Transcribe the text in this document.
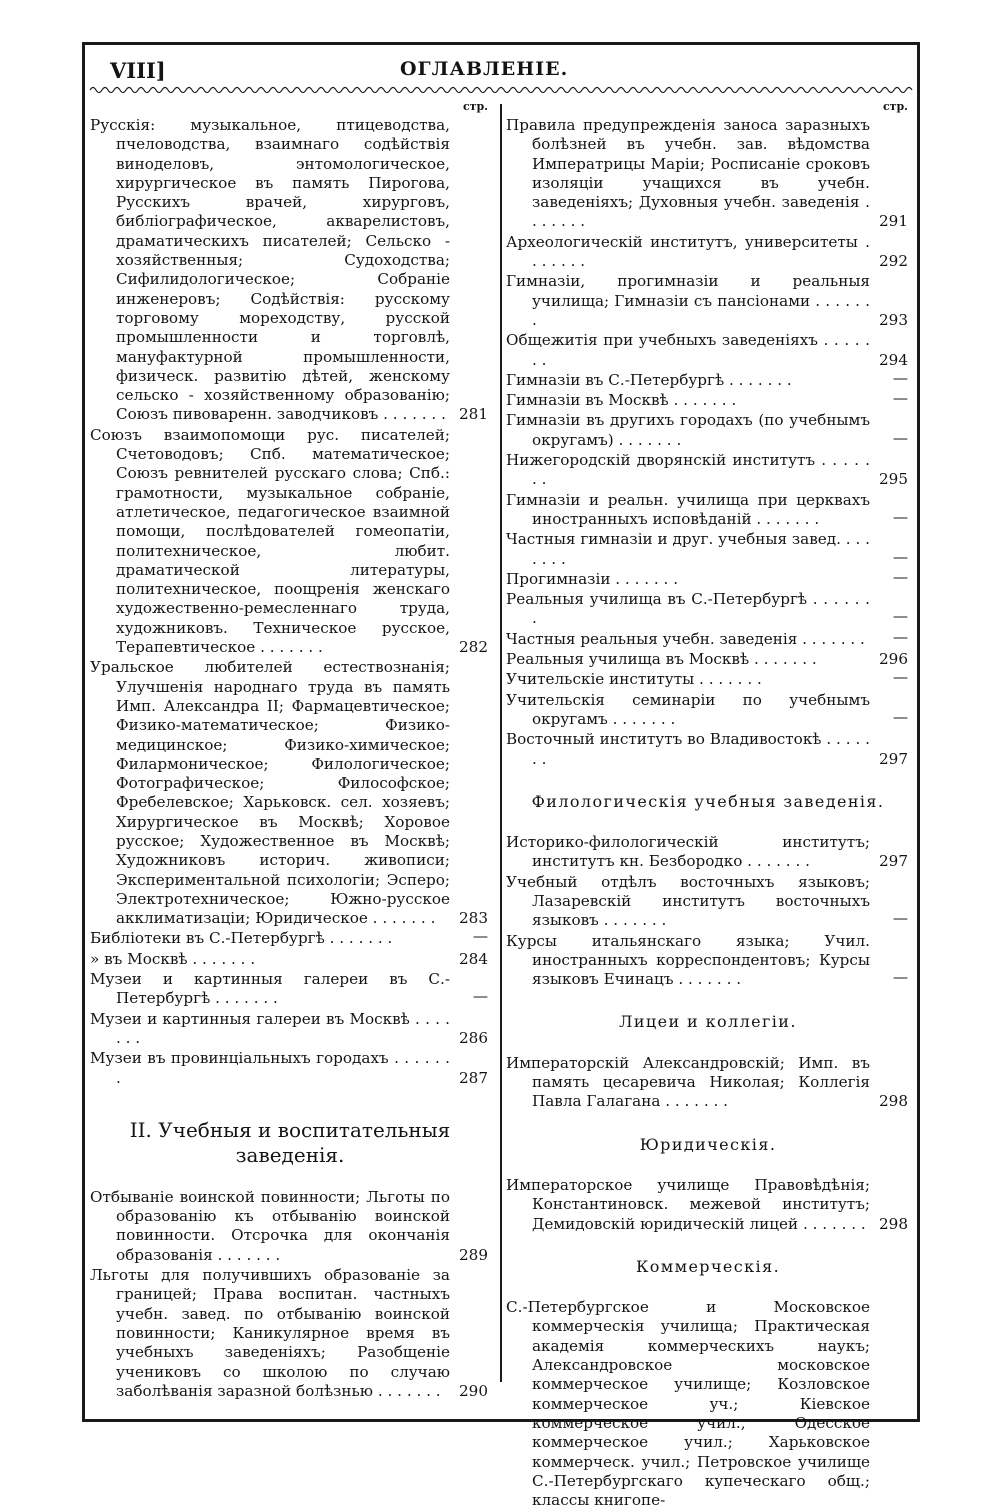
VIII]	ОГЛАВЛЕНІЕ.
стр.
Русскія: музыкальное, птицеводства, пчеловодства, взаимнаго содѣйствія виноделовъ, энтомологическое, хирургическое въ память Пирогова, Русскихъ врачей, хирурговъ, библіографическое, акварелистовъ, драматическихъ писателей; Сельско - хозяйственныя; Судоходства; Сифилидологическое; Собраніе инженеровъ; Содѣйствія: русскому торговому мореходству, русской промышленности и торговлѣ, мануфактурной промышленности, физическ. развитію дѣтей, женскому сельско - хозяйственному образованію; Союзъ пивоваренн. заводчиковъ . . . . . . . 281
Союзъ взаимопомощи рус. писателей; Счетоводовъ; Спб. математическое; Союзъ ревнителей русскаго слова; Спб.: грамотности, музыкальное собраніе, атлетическое, педагогическое взаимной помощи, послѣдователей гомеопатіи, политехническое, любит. драматической литературы, политехническое, поощренія женскаго художественно-ремесленнаго труда, художниковъ. Техническое русское, Терапевтическое . . . . . . .	282
Уральское любителей естествознанія; Улучшенія народнаго труда въ память Имп. Александра II; Фармацевтическое; Физико-математическое; Физико-медицинское; Физико-химическое; Филармоническое; Филологическое; Фотографическое; Философское; Фребелевское; Харьковск. сел. хозяевъ; Хирургическое въ Москвѣ; Хоровое русское; Художественное въ Москвѣ; Художниковъ историч. живописи; Экспериментальной психологіи; Эсперо; Электротехническое; Южно-русское акклиматизаціи; Юридическое . . . . . . .	283
Библіотеки въ С.-Петербургѣ . . . . . . .	—
» въ Москвѣ . . . . . . .	284
Музеи и картинныя галереи въ С.-Петербургѣ . . . . . . .	—
Музеи и картинныя галереи въ Москвѣ . . . . . . .	286
Музеи въ провинціальныхъ городахъ . . . . . . .	287
II. Учебныя и воспитательныя заведенія.
Отбываніе воинской повинности; Льготы по образованію къ отбыванію воинской повинности. Отсрочка для окончанія образованія . . . . . . .	289
Льготы для получившихъ образованіе за границей; Права воспитан. частныхъ учебн. завед. по отбыванію воинской повинности; Каникулярное время въ учебныхъ заведеніяхъ; Разобщеніе учениковъ со школою по случаю заболѣванія заразной болѣзнью . . . . . . .	290
стр.
Правила предупрежденія заноса заразныхъ болѣзней въ учебн. зав. вѣдомства Императрицы Маріи; Росписаніе сроковъ изоляціи учащихся въ учебн. заведеніяхъ; Духовныя учебн. заведенія . . . . . . .	291
Археологическій институтъ, университеты . . . . . . .	292
Гимназіи, прогимназіи и реальныя училища; Гимназіи съ пансіонами . . . . . . .	293
Общежитія при учебныхъ заведеніяхъ . . . . . . .	294
Гимназіи въ С.-Петербургѣ . . . . . . .	—
Гимназіи въ Москвѣ . . . . . . .	—
Гимназіи въ другихъ городахъ (по учебнымъ округамъ) . . . . . . .	—
Нижегородскій дворянскій институтъ . . . . . . .	295
Гимназіи и реальн. училища при церквахъ иностранныхъ исповѣданій . . . . . . .	—
Частныя гимназіи и друг. учебныя завед. . . . . . . .	—
Прогимназіи . . . . . . .	—
Реальныя училища въ С.-Петербургѣ . . . . . . .	—
Частныя реальныя учебн. заведенія . . . . . . .	—
Реальныя училища въ Москвѣ . . . . . . .	296
Учительскіе институты . . . . . . .	—
Учительскія семинаріи по учебнымъ округамъ . . . . . . .	—
Восточный институтъ во Владивостокѣ . . . . . . .	297
Филологическія учебныя заведенія.
Историко-филологическій институтъ; институтъ кн. Безбородко . . . . . . .	297
Учебный отдѣлъ восточныхъ языковъ; Лазаревскій институтъ восточныхъ языковъ . . . . . . .	—
Курсы итальянскаго языка; Учил. иностранныхъ корреспондентовъ; Курсы языковъ Ечинацъ . . . . . . .	—
Лицеи и коллегіи.
Императорскій Александровскій; Имп. въ память цесаревича Николая; Коллегія Павла Галагана . . . . . . .	298
Юридическія.
Императорское училище Правовѣдѣнія; Константиновск. межевой институтъ; Демидовскій юридическій лицей . . . . . . . 298
Коммерческія.
С.-Петербургское и Московское коммерческія училища; Практическая академія коммерческихъ наукъ; Александровское московское коммерческое училище; Козловское коммерческое уч.; Кіевское коммерческое учил., Одесское коммерческое учил.; Харьковское коммерческ. учил.; Петровское училище С.-Петербургскаго купеческаго общ.; классы книгопе-
